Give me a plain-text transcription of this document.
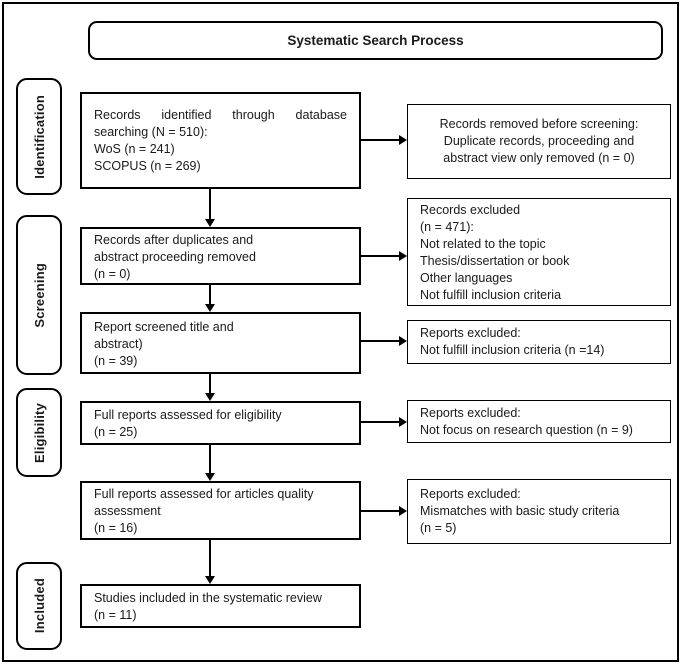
Systematic Search Process
Identification
Screening
Eligibility
Included
Records identified through database searching (N = 510):
WoS (n = 241)
SCOPUS (n = 269)
Records after duplicates and
abstract proceeding removed
(n = 0)
Report screened title and
abstract)
(n = 39)
Full reports assessed for eligibility
(n = 25)
Full reports assessed for articles quality
assessment
(n = 16)
Studies included in the systematic review
(n = 11)
Records removed before screening:
Duplicate records, proceeding and
abstract view only removed (n = 0)
Records excluded
(n = 471):
Not related to the topic
Thesis/dissertation or book
Other languages
Not fulfill inclusion criteria
Reports excluded:
Not fulfill inclusion criteria (n =14)
Reports excluded:
Not focus on research question (n = 9)
Reports excluded:
Mismatches with basic study criteria
(n = 5)
